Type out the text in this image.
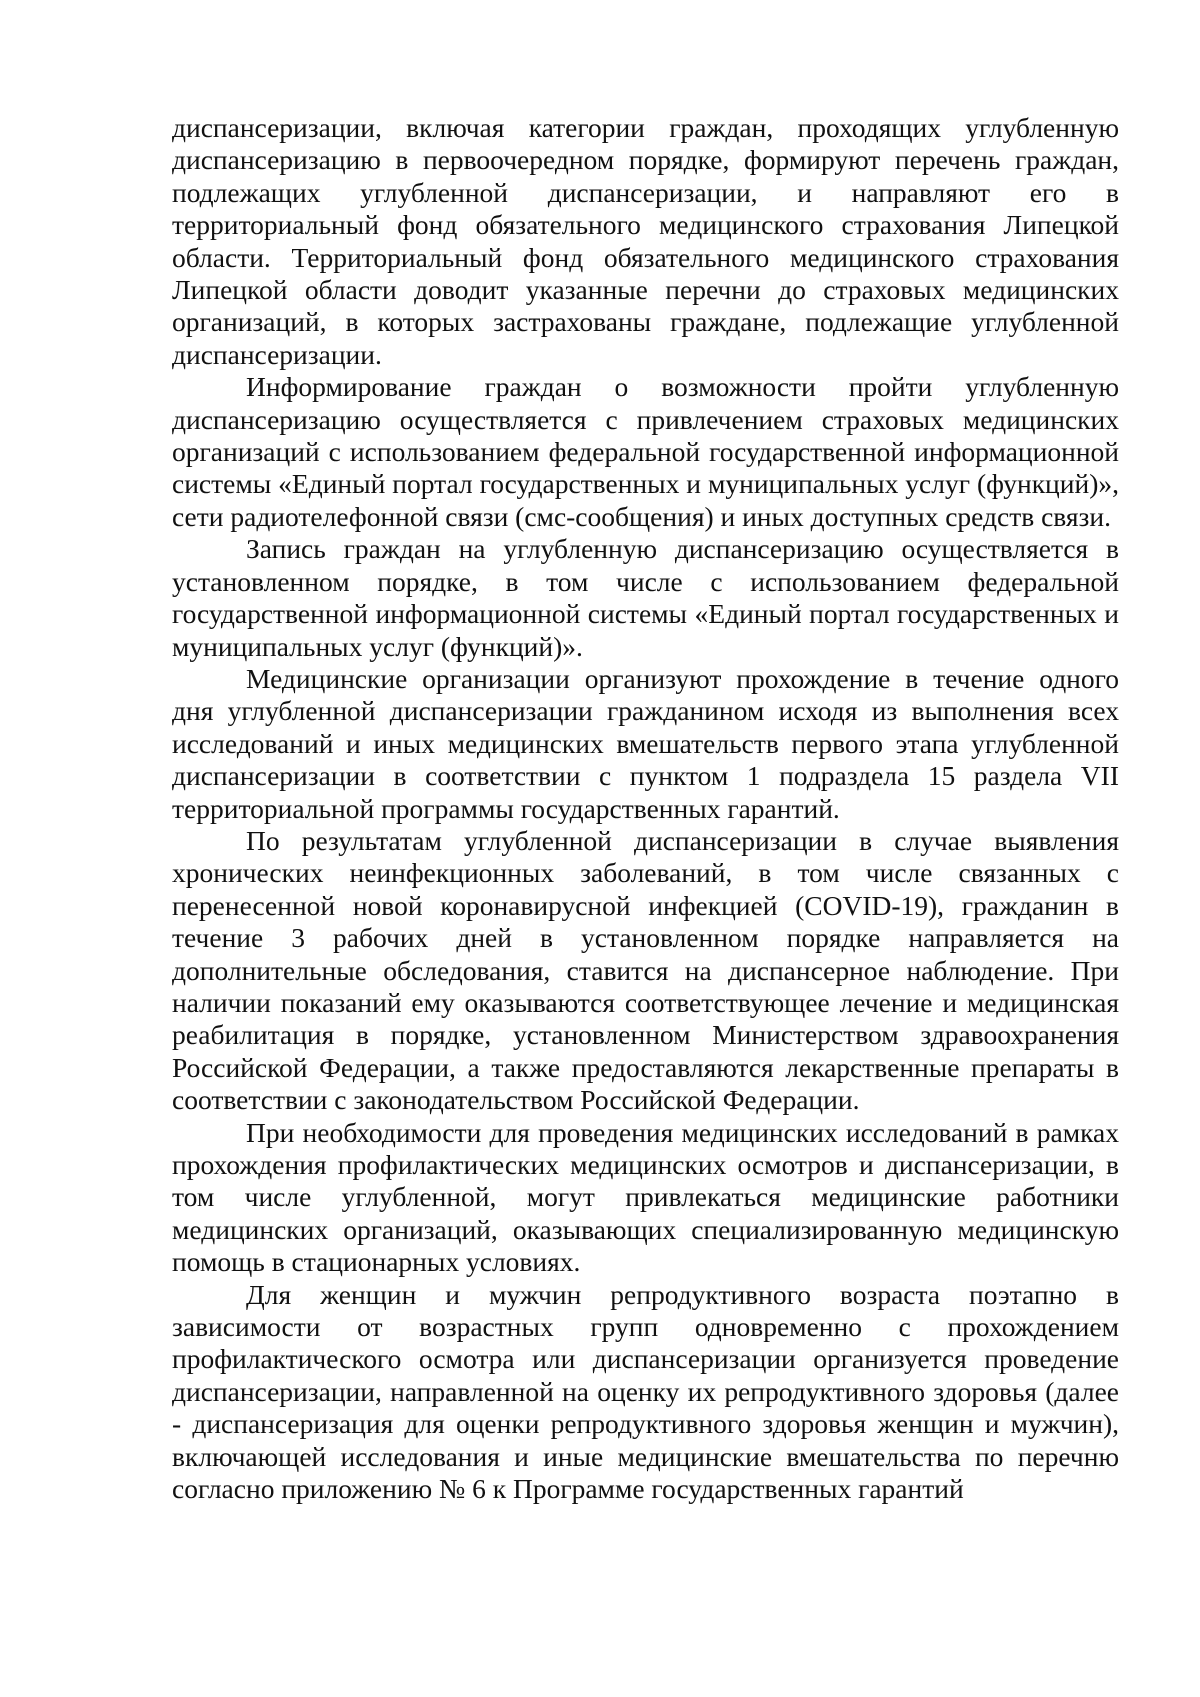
диспансеризации, включая категории граждан, проходящих углубленную диспансеризацию в первоочередном порядке, формируют перечень граждан, подлежащих углубленной диспансеризации, и направляют его в территориальный фонд обязательного медицинского страхования Липецкой области. Территориальный фонд обязательного медицинского страхования Липецкой области доводит указанные перечни до страховых медицинских организаций, в которых застрахованы граждане, подлежащие углубленной диспансеризации.

Информирование граждан о возможности пройти углубленную диспансеризацию осуществляется с привлечением страховых медицинских организаций с использованием федеральной государственной информационной системы «Единый портал государственных и муниципальных услуг (функций)», сети радиотелефонной связи (смс-сообщения) и иных доступных средств связи.

Запись граждан на углубленную диспансеризацию осуществляется в установленном порядке, в том числе с использованием федеральной государственной информационной системы «Единый портал государственных и муниципальных услуг (функций)».

Медицинские организации организуют прохождение в течение одного дня углубленной диспансеризации гражданином исходя из выполнения всех исследований и иных медицинских вмешательств первого этапа углубленной диспансеризации в соответствии с пунктом 1 подраздела 15 раздела VII территориальной программы государственных гарантий.

По результатам углубленной диспансеризации в случае выявления хронических неинфекционных заболеваний, в том числе связанных с перенесенной новой коронавирусной инфекцией (COVID-19), гражданин в течение 3 рабочих дней в установленном порядке направляется на дополнительные обследования, ставится на диспансерное наблюдение. При наличии показаний ему оказываются соответствующее лечение и медицинская реабилитация в порядке, установленном Министерством здравоохранения Российской Федерации, а также предоставляются лекарственные препараты в соответствии с законодательством Российской Федерации.

При необходимости для проведения медицинских исследований в рамках прохождения профилактических медицинских осмотров и диспансеризации, в том числе углубленной, могут привлекаться медицинские работники медицинских организаций, оказывающих специализированную медицинскую помощь в стационарных условиях.

Для женщин и мужчин репродуктивного возраста поэтапно в зависимости от возрастных групп одновременно с прохождением профилактического осмотра или диспансеризации организуется проведение диспансеризации, направленной на оценку их репродуктивного здоровья (далее - диспансеризация для оценки репродуктивного здоровья женщин и мужчин), включающей исследования и иные медицинские вмешательства по перечню согласно приложению № 6 к Программе государственных гарантий
